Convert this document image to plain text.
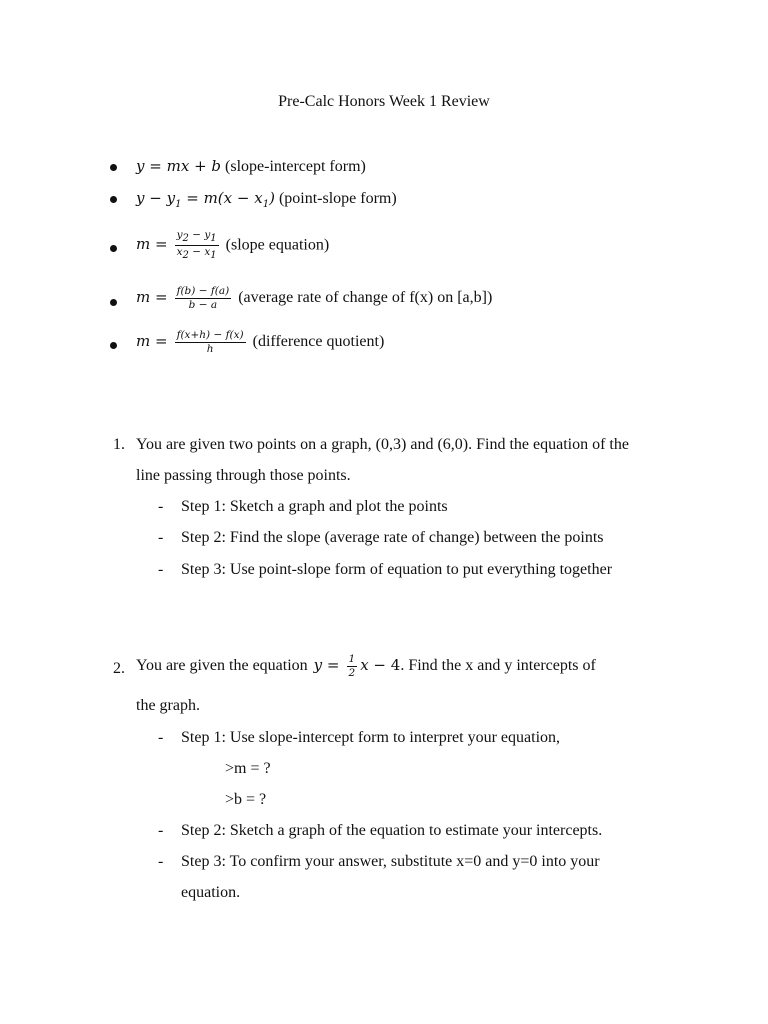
Pre-Calc Honors Week 1 Review
y = mx + b (slope-intercept form)
$y - y_1 = m(x - x_1)$ (point-slope form)
$m = \frac{y_2 - y_1}{x_2 - x_1}$ (slope equation)
$m = \frac{f(b) - f(a)}{b - a}$ (average rate of change of f(x) on [a,b])
$m = \frac{f(x+h) - f(x)}{h}$ (difference quotient)
1. You are given two points on a graph, (0,3) and (6,0). Find the equation of the
line passing through those points.
- Step 1: Sketch a graph and plot the points
- Step 2: Find the slope (average rate of change) between the points
- Step 3: Use point-slope form of equation to put everything together
2. You are given the equation $y = \frac{1}{2}$ x − 4. Find the x and y intercepts of
the graph.
- Step 1: Use slope-intercept form to interpret your equation,
>m = ?
>b = ?
- Step 2: Sketch a graph of the equation to estimate your intercepts.
- Step 3: To confirm your answer, substitute x=0 and y=0 into your
equation.
